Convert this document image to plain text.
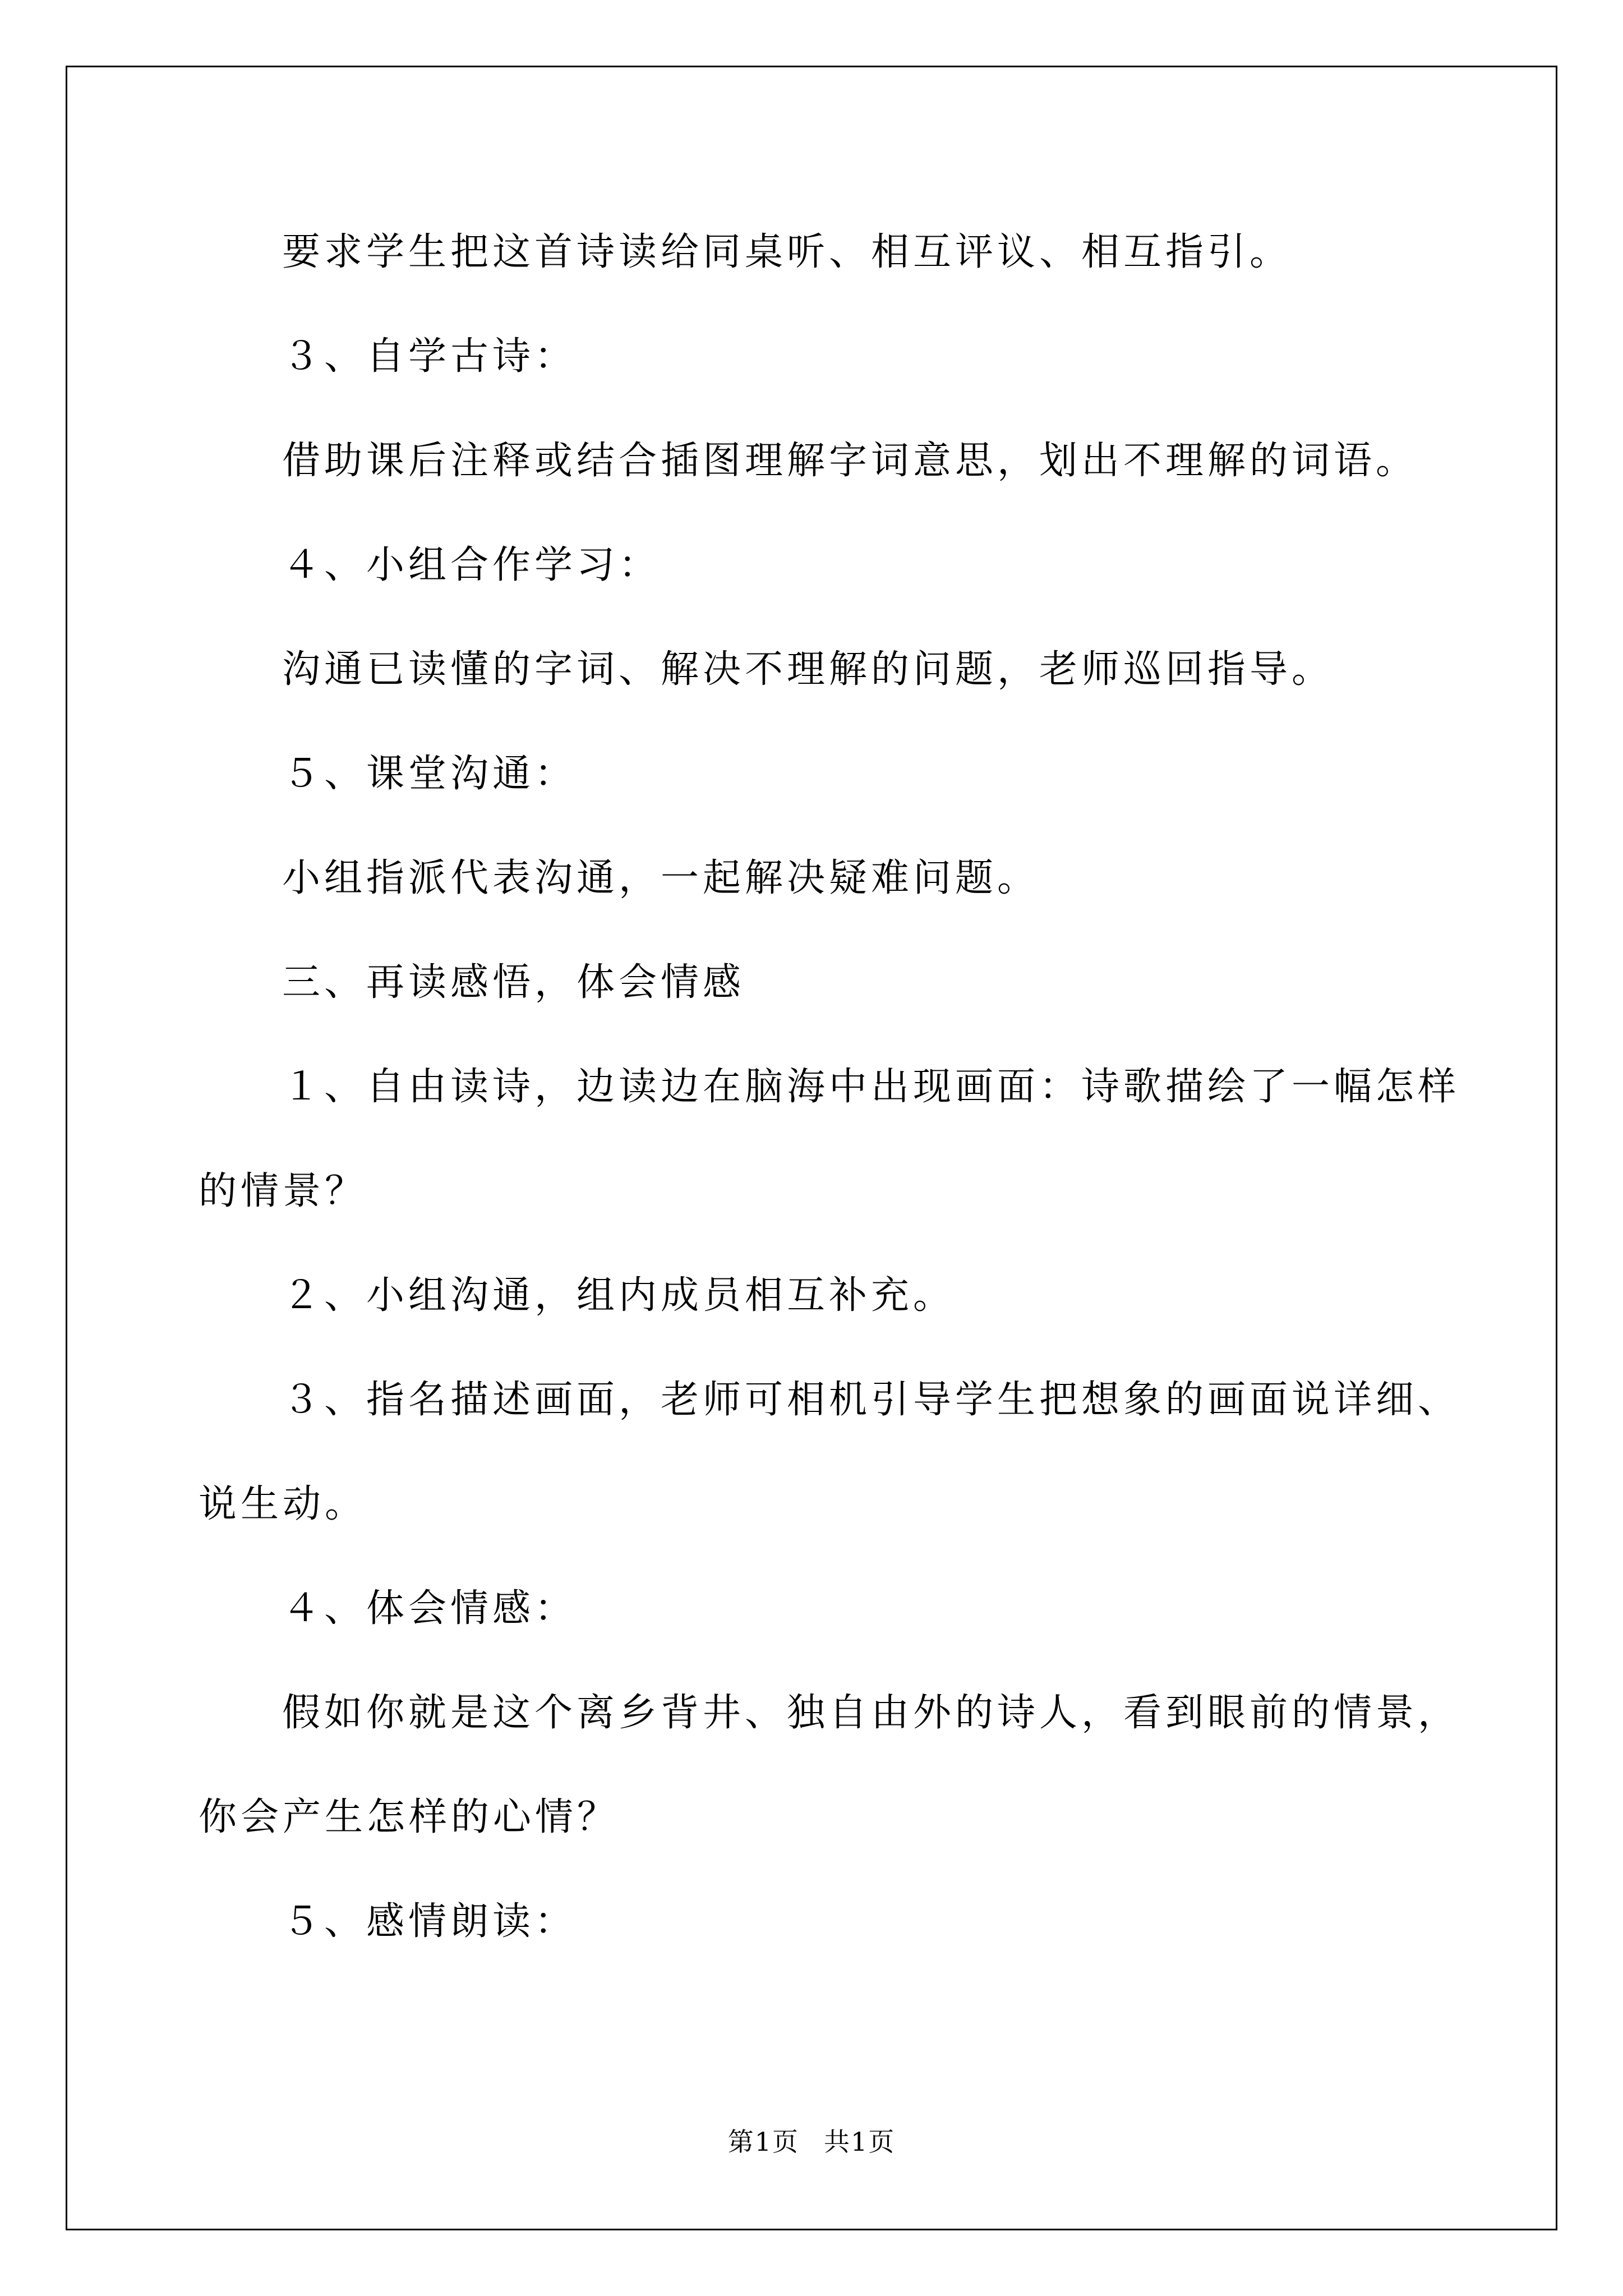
要求学生把这首诗读给同桌听、相互评议、相互指引。
３、自学古诗：
借助课后注释或结合插图理解字词意思，划出不理解的词语。
４、小组合作学习：
沟通已读懂的字词、解决不理解的问题，老师巡回指导。
５、课堂沟通：
小组指派代表沟通，一起解决疑难问题。
三、再读感悟，体会情感
１、自由读诗，边读边在脑海中出现画面：诗歌描绘了一幅怎样
的情景？
２、小组沟通，组内成员相互补充。
３、指名描述画面，老师可相机引导学生把想象的画面说详细、
说生动。
４、体会情感：
假如你就是这个离乡背井、独自由外的诗人，看到眼前的情景，
你会产生怎样的心情？
５、感情朗读：
第1页 共1页
